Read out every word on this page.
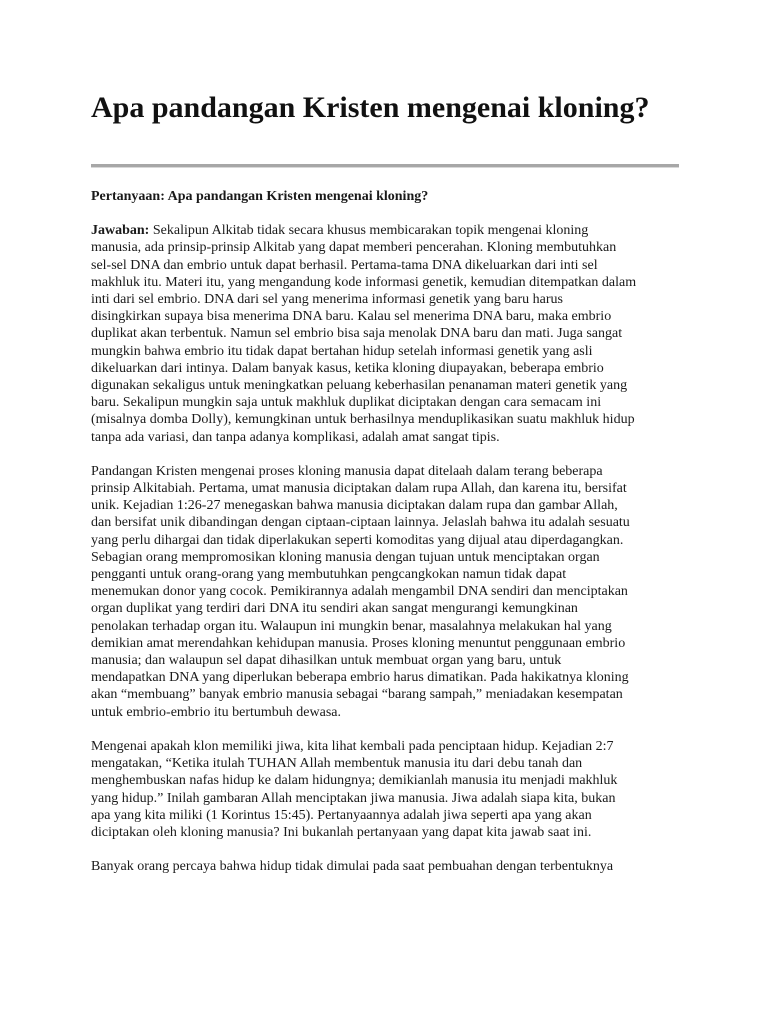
Apa pandangan Kristen mengenai kloning?

Pertanyaan: Apa pandangan Kristen mengenai kloning?

Jawaban: Sekalipun Alkitab tidak secara khusus membicarakan topik mengenai kloning
manusia, ada prinsip-prinsip Alkitab yang dapat memberi pencerahan. Kloning membutuhkan
sel-sel DNA dan embrio untuk dapat berhasil. Pertama-tama DNA dikeluarkan dari inti sel
makhluk itu. Materi itu, yang mengandung kode informasi genetik, kemudian ditempatkan dalam
inti dari sel embrio. DNA dari sel yang menerima informasi genetik yang baru harus
disingkirkan supaya bisa menerima DNA baru. Kalau sel menerima DNA baru, maka embrio
duplikat akan terbentuk. Namun sel embrio bisa saja menolak DNA baru dan mati. Juga sangat
mungkin bahwa embrio itu tidak dapat bertahan hidup setelah informasi genetik yang asli
dikeluarkan dari intinya. Dalam banyak kasus, ketika kloning diupayakan, beberapa embrio
digunakan sekaligus untuk meningkatkan peluang keberhasilan penanaman materi genetik yang
baru. Sekalipun mungkin saja untuk makhluk duplikat diciptakan dengan cara semacam ini
(misalnya domba Dolly), kemungkinan untuk berhasilnya menduplikasikan suatu makhluk hidup
tanpa ada variasi, dan tanpa adanya komplikasi, adalah amat sangat tipis.

Pandangan Kristen mengenai proses kloning manusia dapat ditelaah dalam terang beberapa
prinsip Alkitabiah. Pertama, umat manusia diciptakan dalam rupa Allah, dan karena itu, bersifat
unik. Kejadian 1:26-27 menegaskan bahwa manusia diciptakan dalam rupa dan gambar Allah,
dan bersifat unik dibandingan dengan ciptaan-ciptaan lainnya. Jelaslah bahwa itu adalah sesuatu
yang perlu dihargai dan tidak diperlakukan seperti komoditas yang dijual atau diperdagangkan.
Sebagian orang mempromosikan kloning manusia dengan tujuan untuk menciptakan organ
pengganti untuk orang-orang yang membutuhkan pengcangkokan namun tidak dapat
menemukan donor yang cocok. Pemikirannya adalah mengambil DNA sendiri dan menciptakan
organ duplikat yang terdiri dari DNA itu sendiri akan sangat mengurangi kemungkinan
penolakan terhadap organ itu. Walaupun ini mungkin benar, masalahnya melakukan hal yang
demikian amat merendahkan kehidupan manusia. Proses kloning menuntut penggunaan embrio
manusia; dan walaupun sel dapat dihasilkan untuk membuat organ yang baru, untuk
mendapatkan DNA yang diperlukan beberapa embrio harus dimatikan. Pada hakikatnya kloning
akan “membuang” banyak embrio manusia sebagai “barang sampah,” meniadakan kesempatan
untuk embrio-embrio itu bertumbuh dewasa.

Mengenai apakah klon memiliki jiwa, kita lihat kembali pada penciptaan hidup. Kejadian 2:7
mengatakan, “Ketika itulah TUHAN Allah membentuk manusia itu dari debu tanah dan
menghembuskan nafas hidup ke dalam hidungnya; demikianlah manusia itu menjadi makhluk
yang hidup.” Inilah gambaran Allah menciptakan jiwa manusia. Jiwa adalah siapa kita, bukan
apa yang kita miliki (1 Korintus 15:45). Pertanyaannya adalah jiwa seperti apa yang akan
diciptakan oleh kloning manusia? Ini bukanlah pertanyaan yang dapat kita jawab saat ini.

Banyak orang percaya bahwa hidup tidak dimulai pada saat pembuahan dengan terbentuknya
